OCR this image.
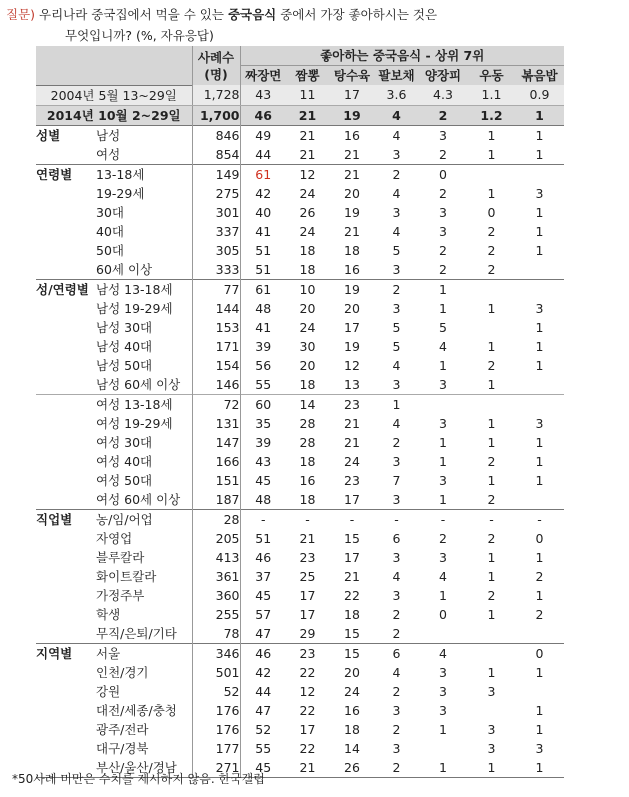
질문) 우리나라 중국집에서 먹을 수 있는 중국음식 중에서 가장 좋아하시는 것은
무엇입니까? (%, 자유응답)
		사례수
(명)	좋아하는 중국음식 - 상위 7위						
			짜장면	짬뽕	탕수육	팔보채	양장피	우동	볶음밥
2004년 5월 13~29일		1,728	43	11	17	3.6	4.3	1.1	0.9
2014년 10월 2~29일		1,700	46	21	19	4	2	1.2	1
성별	남성	846	49	21	16	4	3	1	1
	여성	854	44	21	21	3	2	1	1
연령별	13-18세	149	61	12	21	2	0		
	19-29세	275	42	24	20	4	2	1	3
	30대	301	40	26	19	3	3	0	1
	40대	337	41	24	21	4	3	2	1
	50대	305	51	18	18	5	2	2	1
	60세 이상	333	51	18	16	3	2	2	
성/연령별	남성 13-18세	77	61	10	19	2	1		
	남성 19-29세	144	48	20	20	3	1	1	3
	남성 30대	153	41	24	17	5	5		1
	남성 40대	171	39	30	19	5	4	1	1
	남성 50대	154	56	20	12	4	1	2	1
	남성 60세 이상	146	55	18	13	3	3	1	
	여성 13-18세	72	60	14	23	1			
	여성 19-29세	131	35	28	21	4	3	1	3
	여성 30대	147	39	28	21	2	1	1	1
	여성 40대	166	43	18	24	3	1	2	1
	여성 50대	151	45	16	23	7	3	1	1
	여성 60세 이상	187	48	18	17	3	1	2	
직업별	농/임/어업	28	-	-	-	-	-	-	-
	자영업	205	51	21	15	6	2	2	0
	블루칼라	413	46	23	17	3	3	1	1
	화이트칼라	361	37	25	21	4	4	1	2
	가정주부	360	45	17	22	3	1	2	1
	학생	255	57	17	18	2	0	1	2
	무직/은퇴/기타	78	47	29	15	2			
지역별	서울	346	46	23	15	6	4		0
	인천/경기	501	42	22	20	4	3	1	1
	강원	52	44	12	24	2	3	3	
	대전/세종/충청	176	47	22	16	3	3		1
	광주/전라	176	52	17	18	2	1	3	1
	대구/경북	177	55	22	14	3		3	3
	부산/울산/경남	271	45	21	26	2	1	1	1
*50사례 미만은 수치를 제시하지 않음. 한국갤럽
